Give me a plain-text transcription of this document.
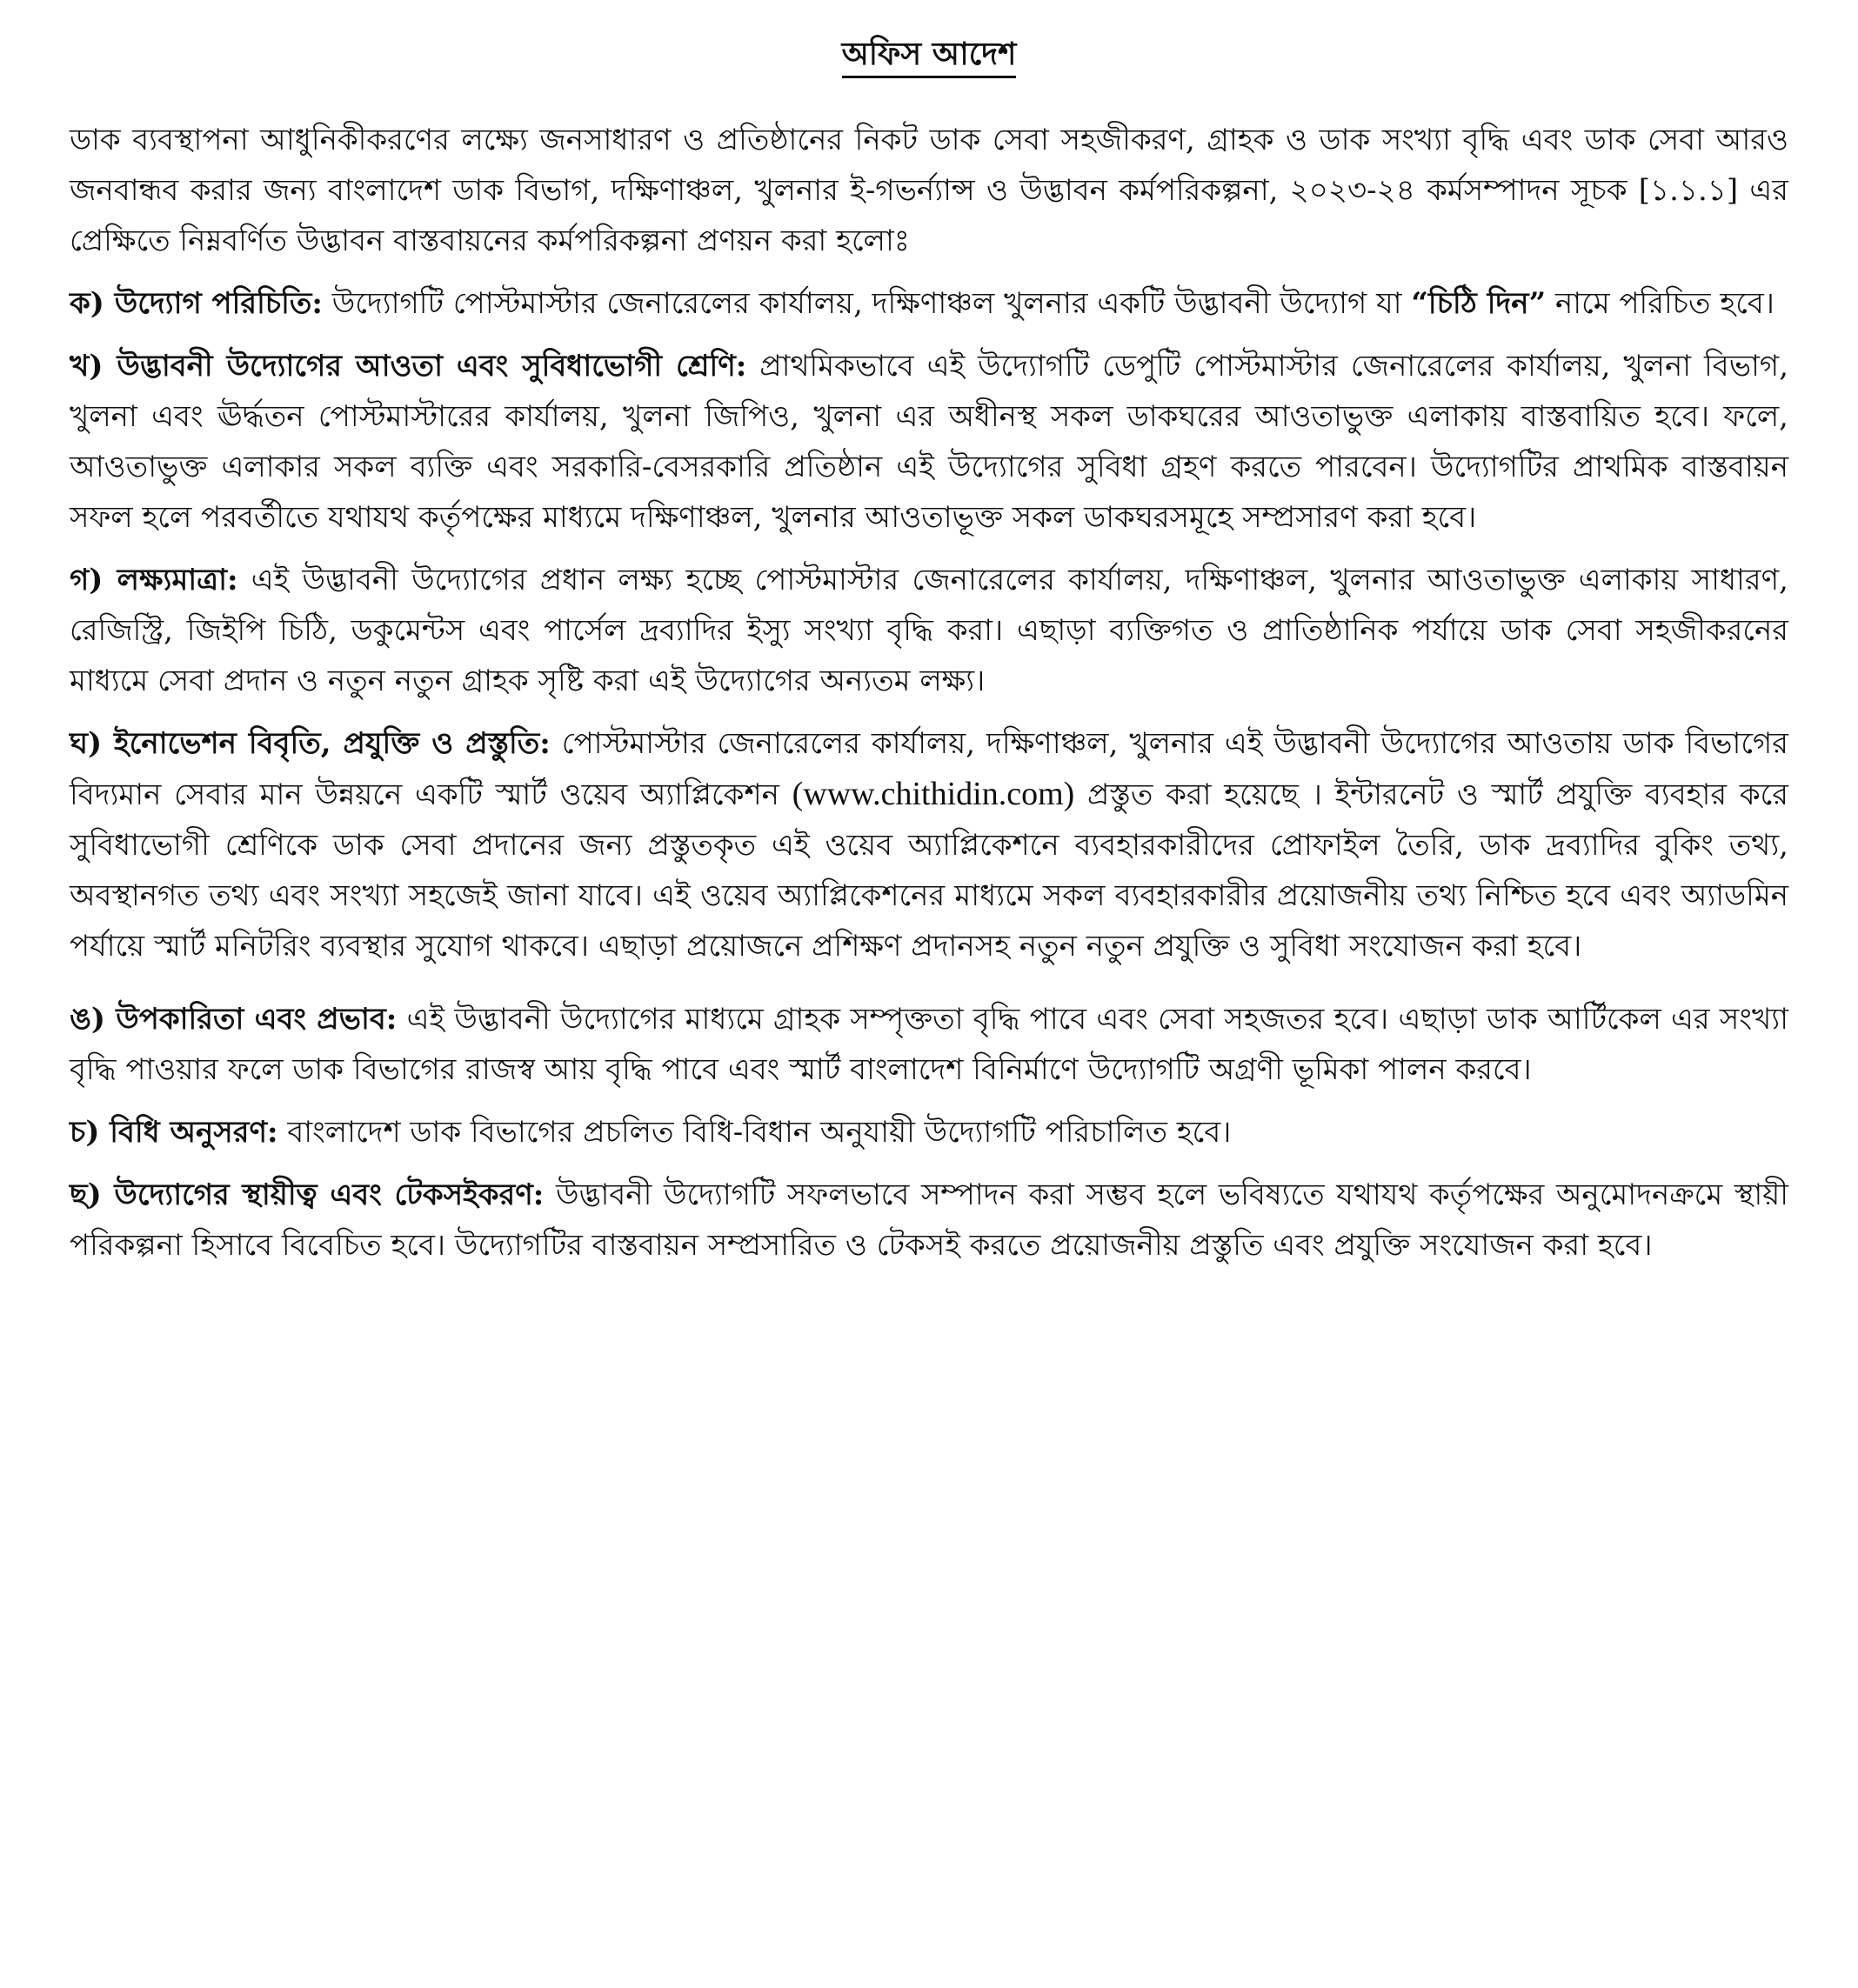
অফিস আদেশ

ডাক ব্যবস্থাপনা আধুনিকীকরণের লক্ষ্যে জনসাধারণ ও প্রতিষ্ঠানের নিকট ডাক সেবা সহজীকরণ, গ্রাহক ও ডাক সংখ্যা বৃদ্ধি এবং ডাক সেবা আরও জনবান্ধব করার জন্য বাংলাদেশ ডাক বিভাগ, দক্ষিণাঞ্চল, খুলনার ই-গভর্ন্যান্স ও উদ্ভাবন কর্মপরিকল্পনা, ২০২৩-২৪ কর্মসম্পাদন সূচক [১.১.১] এর প্রেক্ষিতে নিম্নবর্ণিত উদ্ভাবন বাস্তবায়নের কর্মপরিকল্পনা প্রণয়ন করা হলোঃ

ক) উদ্যোগ পরিচিতি: উদ্যোগটি পোস্টমাস্টার জেনারেলের কার্যালয়, দক্ষিণাঞ্চল খুলনার একটি উদ্ভাবনী উদ্যোগ যা “চিঠি দিন” নামে পরিচিত হবে।

খ) উদ্ভাবনী উদ্যোগের আওতা এবং সুবিধাভোগী শ্রেণি: প্রাথমিকভাবে এই উদ্যোগটি ডেপুটি পোস্টমাস্টার জেনারেলের কার্যালয়, খুলনা বিভাগ, খুলনা এবং ঊর্দ্ধতন পোস্টমাস্টারের কার্যালয়, খুলনা জিপিও, খুলনা এর অধীনস্থ সকল ডাকঘরের আওতাভুক্ত এলাকায় বাস্তবায়িত হবে। ফলে, আওতাভুক্ত এলাকার সকল ব্যক্তি এবং সরকারি-বেসরকারি প্রতিষ্ঠান এই উদ্যোগের সুবিধা গ্রহণ করতে পারবেন। উদ্যোগটির প্রাথমিক বাস্তবায়ন সফল হলে পরবর্তীতে যথাযথ কর্তৃপক্ষের মাধ্যমে দক্ষিণাঞ্চল, খুলনার আওতাভূক্ত সকল ডাকঘরসমূহে সম্প্রসারণ করা হবে।

গ) লক্ষ্যমাত্রা: এই উদ্ভাবনী উদ্যোগের প্রধান লক্ষ্য হচ্ছে পোস্টমাস্টার জেনারেলের কার্যালয়, দক্ষিণাঞ্চল, খুলনার আওতাভুক্ত এলাকায় সাধারণ, রেজিস্ট্রি, জিইপি চিঠি, ডকুমেন্টস এবং পার্সেল দ্রব্যাদির ইস্যু সংখ্যা বৃদ্ধি করা। এছাড়া ব্যক্তিগত ও প্রাতিষ্ঠানিক পর্যায়ে ডাক সেবা সহজীকরনের মাধ্যমে সেবা প্রদান ও নতুন নতুন গ্রাহক সৃষ্টি করা এই উদ্যোগের অন্যতম লক্ষ্য।

ঘ) ইনোভেশন বিবৃতি, প্রযুক্তি ও প্রস্তুতি: পোস্টমাস্টার জেনারেলের কার্যালয়, দক্ষিণাঞ্চল, খুলনার এই উদ্ভাবনী উদ্যোগের আওতায় ডাক বিভাগের বিদ্যমান সেবার মান উন্নয়নে একটি স্মার্ট ওয়েব অ্যাপ্লিকেশন (www.chithidin.com) প্রস্তুত করা হয়েছে । ইন্টারনেট ও স্মার্ট প্রযুক্তি ব্যবহার করে সুবিধাভোগী শ্রেণিকে ডাক সেবা প্রদানের জন্য প্রস্তুতকৃত এই ওয়েব অ্যাপ্লিকেশনে ব্যবহারকারীদের প্রোফাইল তৈরি, ডাক দ্রব্যাদির বুকিং তথ্য, অবস্থানগত তথ্য এবং সংখ্যা সহজেই জানা যাবে। এই ওয়েব অ্যাপ্লিকেশনের মাধ্যমে সকল ব্যবহারকারীর প্রয়োজনীয় তথ্য নিশ্চিত হবে এবং অ্যাডমিন পর্যায়ে স্মার্ট মনিটরিং ব্যবস্থার সুযোগ থাকবে। এছাড়া প্রয়োজনে প্রশিক্ষণ প্রদানসহ নতুন নতুন প্রযুক্তি ও সুবিধা সংযোজন করা হবে।

ঙ) উপকারিতা এবং প্রভাব: এই উদ্ভাবনী উদ্যোগের মাধ্যমে গ্রাহক সম্পৃক্ততা বৃদ্ধি পাবে এবং সেবা সহজতর হবে। এছাড়া ডাক আর্টিকেল এর সংখ্যা বৃদ্ধি পাওয়ার ফলে ডাক বিভাগের রাজস্ব আয় বৃদ্ধি পাবে এবং স্মার্ট বাংলাদেশ বিনির্মাণে উদ্যোগটি অগ্রণী ভূমিকা পালন করবে।

চ) বিধি অনুসরণ: বাংলাদেশ ডাক বিভাগের প্রচলিত বিধি-বিধান অনুযায়ী উদ্যোগটি পরিচালিত হবে।

ছ) উদ্যোগের স্থায়ীত্ব এবং টেকসইকরণ: উদ্ভাবনী উদ্যোগটি সফলভাবে সম্পাদন করা সম্ভব হলে ভবিষ্যতে যথাযথ কর্তৃপক্ষের অনুমোদনক্রমে স্থায়ী পরিকল্পনা হিসাবে বিবেচিত হবে। উদ্যোগটির বাস্তবায়ন সম্প্রসারিত ও টেকসই করতে প্রয়োজনীয় প্রস্তুতি এবং প্রযুক্তি সংযোজন করা হবে।
